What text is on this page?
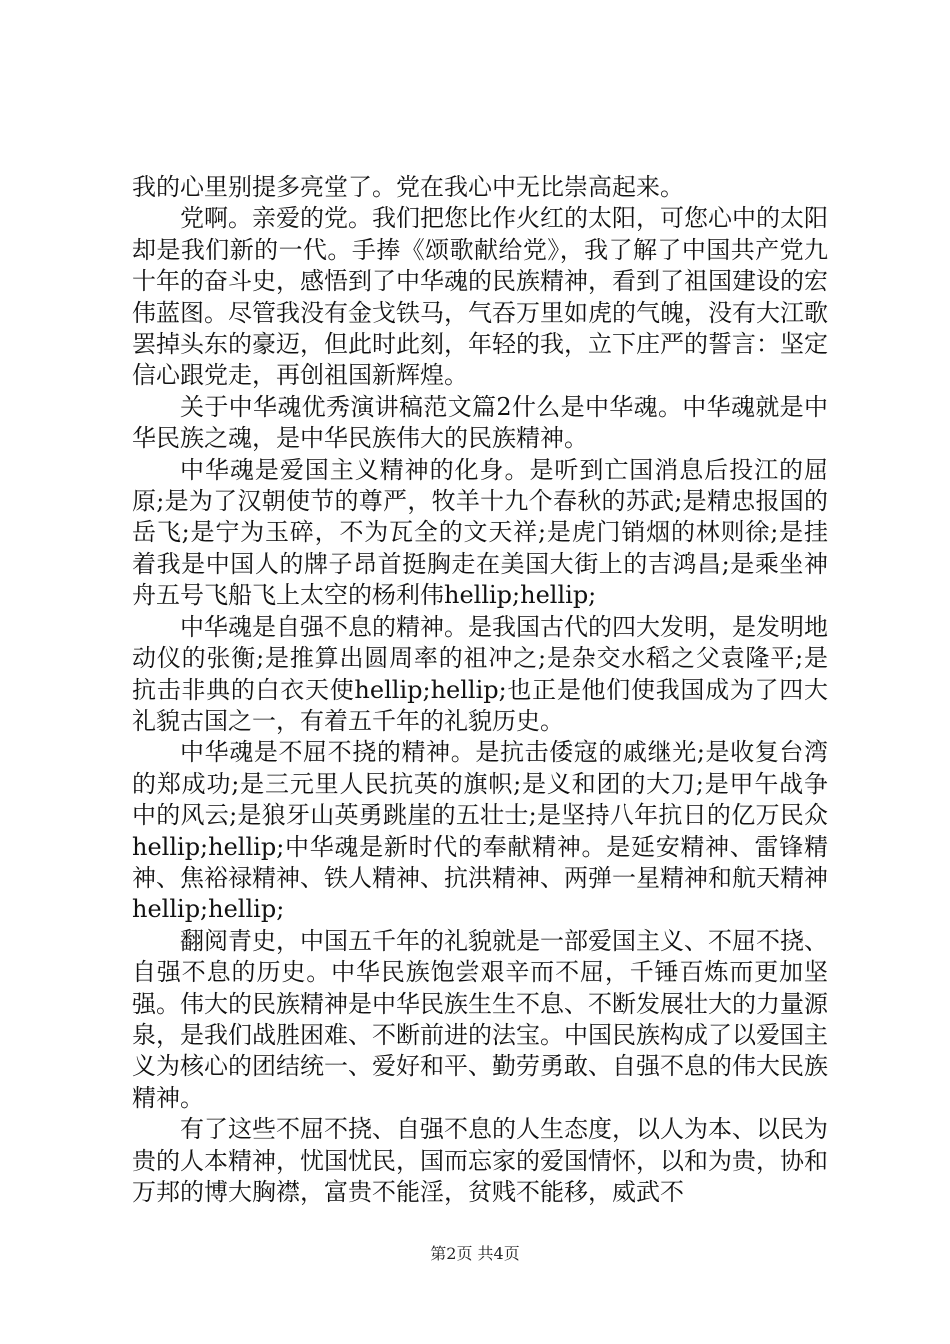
我的心里别提多亮堂了。党在我心中无比崇高起来。

党啊。亲爱的党。我们把您比作火红的太阳，可您心中的太阳却是我们新的一代。手捧《颂歌献给党》，我了解了中国共产党九十年的奋斗史，感悟到了中华魂的民族精神，看到了祖国建设的宏伟蓝图。尽管我没有金戈铁马，气吞万里如虎的气魄，没有大江歌罢掉头东的豪迈，但此时此刻，年轻的我，立下庄严的誓言：坚定信心跟党走，再创祖国新辉煌。

关于中华魂优秀演讲稿范文篇2什么是中华魂。中华魂就是中华民族之魂，是中华民族伟大的民族精神。

中华魂是爱国主义精神的化身。是听到亡国消息后投江的屈原;是为了汉朝使节的尊严，牧羊十九个春秋的苏武;是精忠报国的岳飞;是宁为玉碎，不为瓦全的文天祥;是虎门销烟的林则徐;是挂着我是中国人的牌子昂首挺胸走在美国大街上的吉鸿昌;是乘坐神舟五号飞船飞上太空的杨利伟hellip;hellip;

中华魂是自强不息的精神。是我国古代的四大发明，是发明地动仪的张衡;是推算出圆周率的祖冲之;是杂交水稻之父袁隆平;是抗击非典的白衣天使hellip;hellip;也正是他们使我国成为了四大礼貌古国之一，有着五千年的礼貌历史。

中华魂是不屈不挠的精神。是抗击倭寇的戚继光;是收复台湾的郑成功;是三元里人民抗英的旗帜;是义和团的大刀;是甲午战争中的风云;是狼牙山英勇跳崖的五壮士;是坚持八年抗日的亿万民众hellip;hellip;中华魂是新时代的奉献精神。是延安精神、雷锋精神、焦裕禄精神、铁人精神、抗洪精神、两弹一星精神和航天精神hellip;hellip;

翻阅青史，中国五千年的礼貌就是一部爱国主义、不屈不挠、自强不息的历史。中华民族饱尝艰辛而不屈，千锤百炼而更加坚强。伟大的民族精神是中华民族生生不息、不断发展壮大的力量源泉，是我们战胜困难、不断前进的法宝。中国民族构成了以爱国主义为核心的团结统一、爱好和平、勤劳勇敢、自强不息的伟大民族精神。

有了这些不屈不挠、自强不息的人生态度，以人为本、以民为贵的人本精神，忧国忧民，国而忘家的爱国情怀，以和为贵，协和万邦的博大胸襟，富贵不能淫，贫贱不能移，威武不

第2页 共4页
